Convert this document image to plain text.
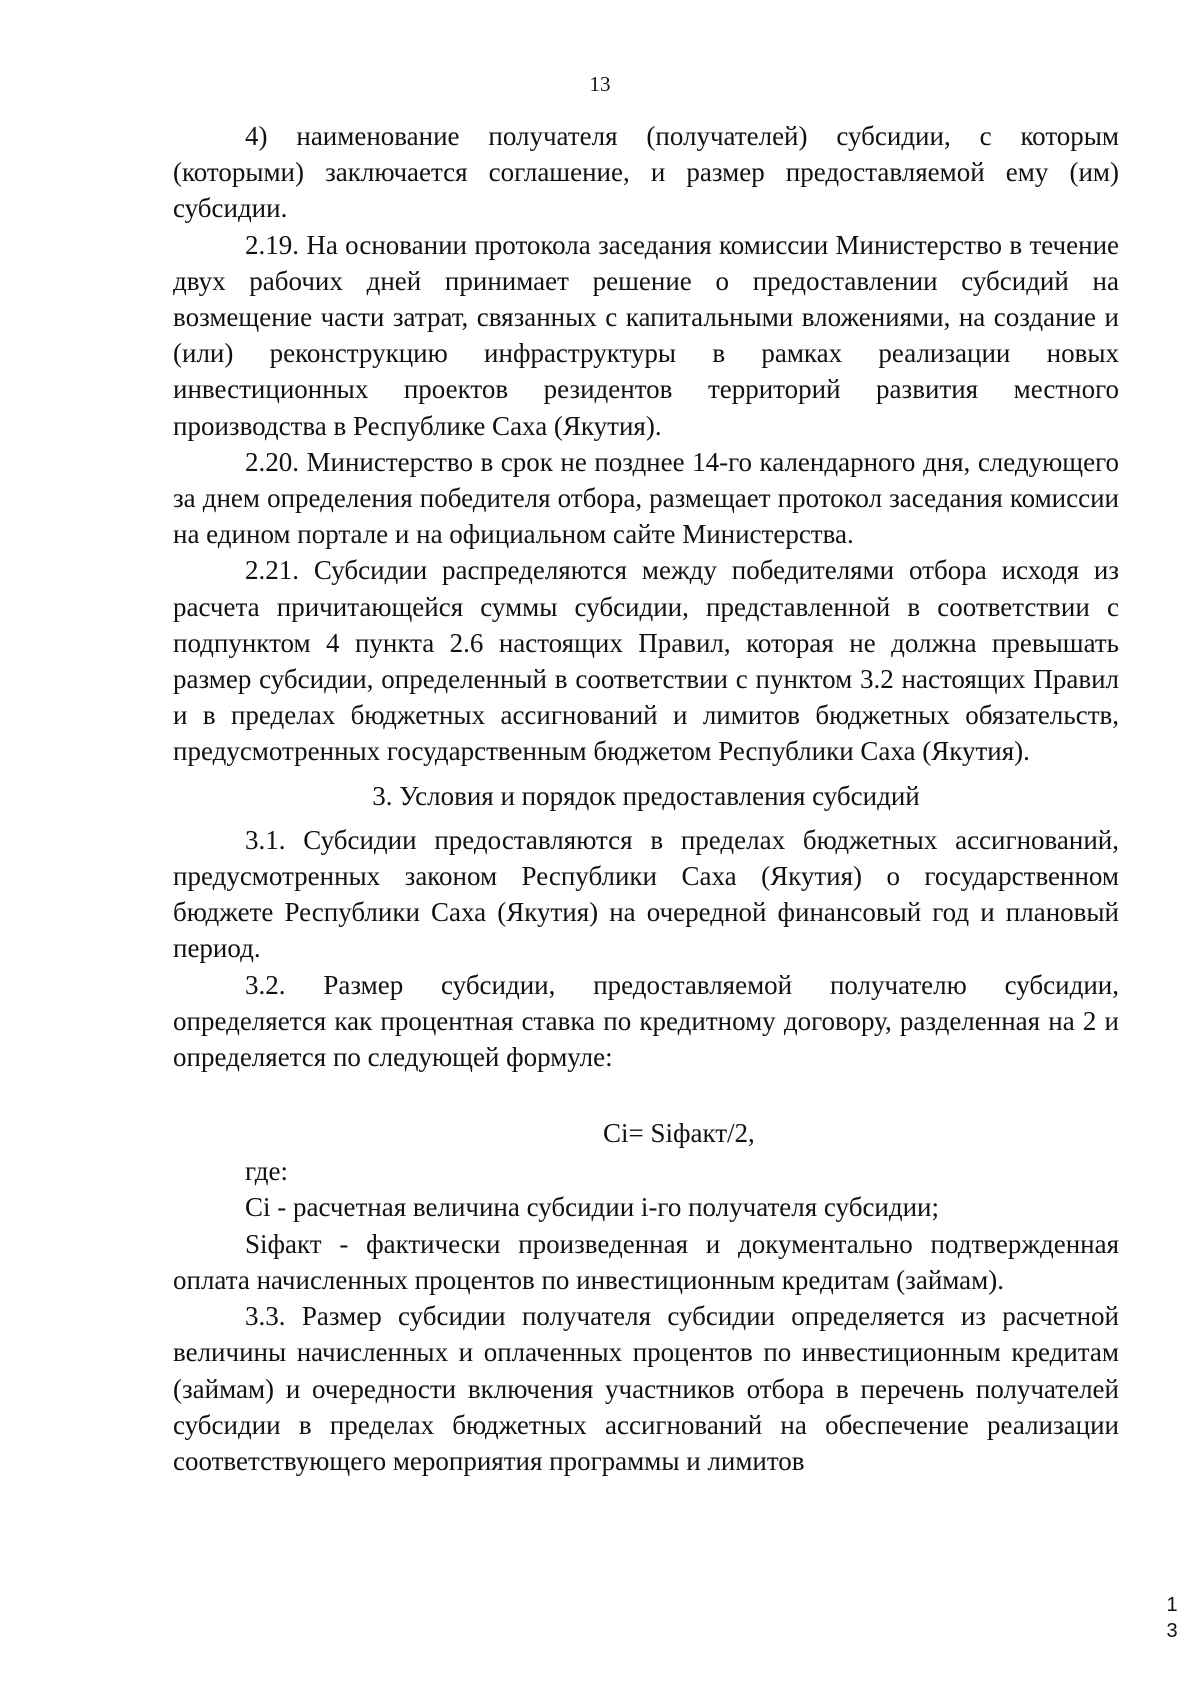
13

4) наименование получателя (получателей) субсидии, с которым (которыми) заключается соглашение, и размер предоставляемой ему (им) субсидии.

2.19. На основании протокола заседания комиссии Министерство в течение двух рабочих дней принимает решение о предоставлении субсидий на возмещение части затрат, связанных с капитальными вложениями, на создание и (или) реконструкцию инфраструктуры в рамках реализации новых инвестиционных проектов резидентов территорий развития местного производства в Республике Саха (Якутия).

2.20. Министерство в срок не позднее 14-го календарного дня, следующего за днем определения победителя отбора, размещает протокол заседания комиссии на едином портале и на официальном сайте Министерства.

2.21. Субсидии распределяются между победителями отбора исходя из расчета причитающейся суммы субсидии, представленной в соответствии с подпунктом 4 пункта 2.6 настоящих Правил, которая не должна превышать размер субсидии, определенный в соответствии с пунктом 3.2 настоящих Правил и в пределах бюджетных ассигнований и лимитов бюджетных обязательств, предусмотренных государственным бюджетом Республики Саха (Якутия).

3. Условия и порядок предоставления субсидий

3.1. Субсидии предоставляются в пределах бюджетных ассигнований, предусмотренных законом Республики Саха (Якутия) о государственном бюджете Республики Саха (Якутия) на очередной финансовый год и плановый период.

3.2. Размер субсидии, предоставляемой получателю субсидии, определяется как процентная ставка по кредитному договору, разделенная на 2 и определяется по следующей формуле:

Ci= Siфакт/2,

где:

Ci - расчетная величина субсидии i-го получателя субсидии;

Siфакт - фактически произведенная и документально подтвержденная оплата начисленных процентов по инвестиционным кредитам (займам).

3.3. Размер субсидии получателя субсидии определяется из расчетной величины начисленных и оплаченных процентов по инвестиционным кредитам (займам) и очередности включения участников отбора в перечень получателей субсидии в пределах бюджетных ассигнований на обеспечение реализации соответствующего мероприятия программы и лимитов

1
3
